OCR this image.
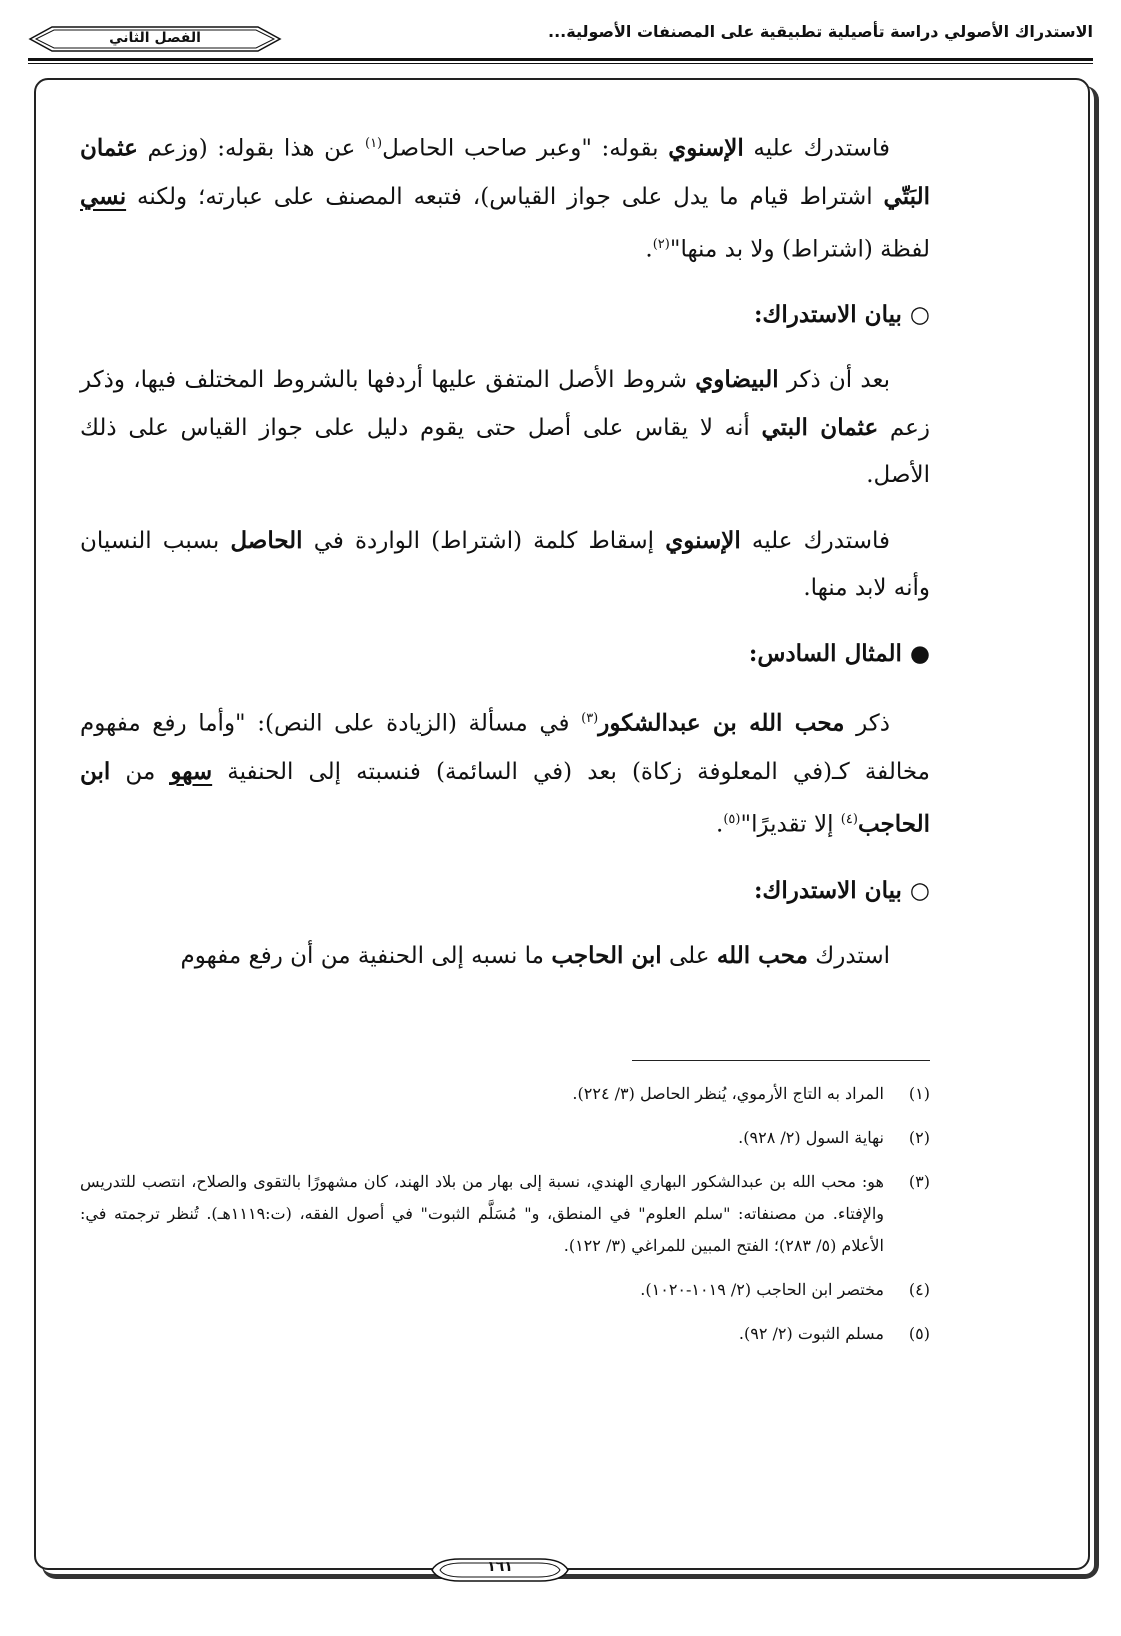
الاستدراك الأصولي دراسة تأصيلية تطبيقية على المصنفات الأصولية...
الفصل الثاني

فاستدرك عليه الإسنوي بقوله: "وعبر صاحب الحاصل$^{(١)}$ عن هذا بقوله: (وزعم عثمان البَتّي اشتراط قيام ما يدل على جواز القياس)، فتبعه المصنف على عبارته؛ ولكنه نسي لفظة (اشتراط) ولا بد منها"$^{(٢)}$.

○ بيان الاستدراك:

بعد أن ذكر البيضاوي شروط الأصل المتفق عليها أردفها بالشروط المختلف فيها، وذكر زعم عثمان البتي أنه لا يقاس على أصل حتى يقوم دليل على جواز القياس على ذلك الأصل.

فاستدرك عليه الإسنوي إسقاط كلمة (اشتراط) الواردة في الحاصل بسبب النسيان وأنه لابد منها.

● المثال السادس:

ذكر محب الله بن عبدالشكور$^{(٣)}$ في مسألة (الزيادة على النص): "وأما رفع مفهوم مخالفة كـ(في المعلوفة زكاة) بعد (في السائمة) فنسبته إلى الحنفية سهو من ابن الحاجب$^{(٤)}$ إلا تقديرًا"$^{(٥)}$.

○ بيان الاستدراك:

استدرك محب الله على ابن الحاجب ما نسبه إلى الحنفية من أن رفع مفهوم

(١)
المراد به التاج الأرموي، يُنظر الحاصل (٣/ ٢٢٤).
(٢)
نهاية السول (٢/ ٩٢٨).
(٣)
هو: محب الله بن عبدالشكور البهاري الهندي، نسبة إلى بهار من بلاد الهند، كان مشهورًا بالتقوى والصلاح، انتصب للتدريس والإفتاء. من مصنفاته: "سلم العلوم" في المنطق، و" مُسَلَّم الثبوت" في أصول الفقه، (ت:١١١٩هـ). تُنظر ترجمته في: الأعلام (٥/ ٢٨٣)؛ الفتح المبين للمراغي (٣/ ١٢٢).
(٤)
مختصر ابن الحاجب (٢/ ١٠١٩-١٠٢٠).
(٥)
مسلم الثبوت (٢/ ٩٢).
١٦١
